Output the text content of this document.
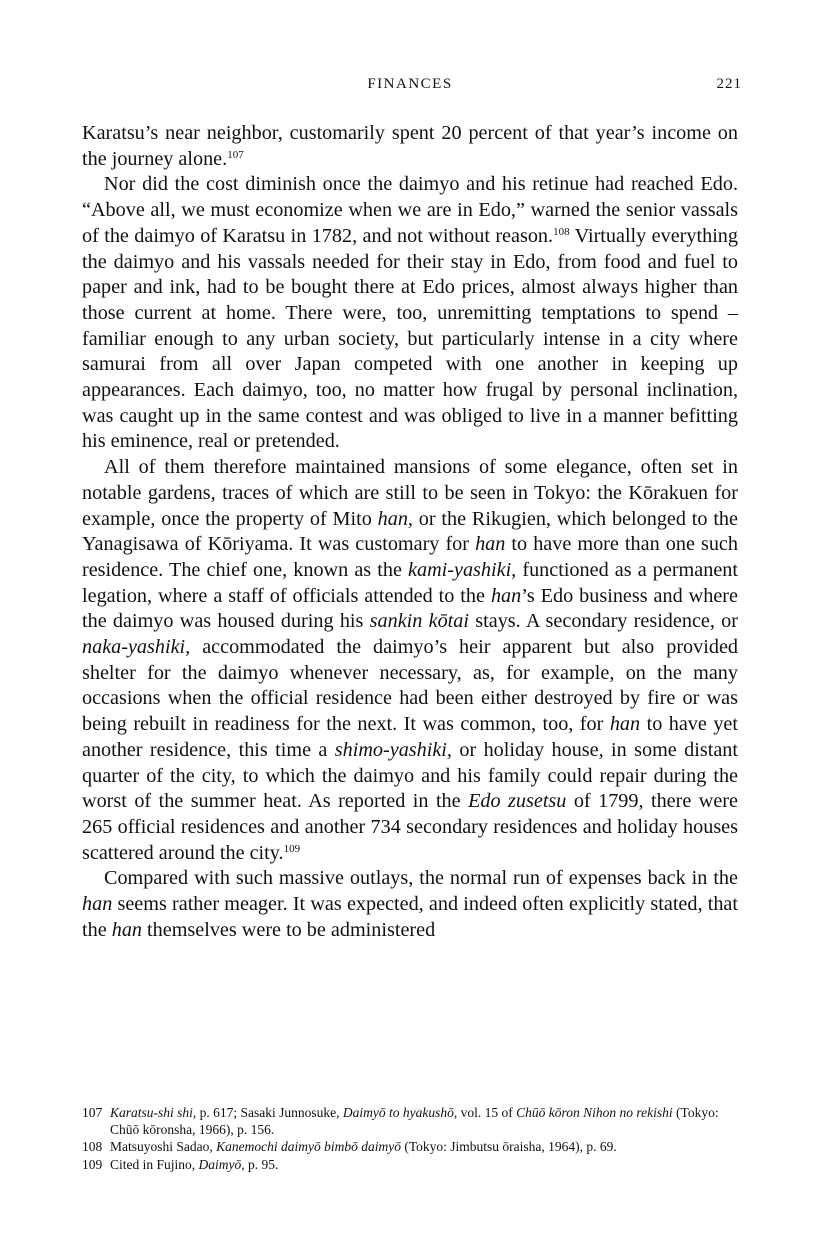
FINANCES	221

Karatsu’s near neighbor, customarily spent 20 percent of that year’s income on the journey alone.$^{107}$

Nor did the cost diminish once the daimyo and his retinue had reached Edo. “Above all, we must economize when we are in Edo,” warned the senior vassals of the daimyo of Karatsu in 1782, and not without reason.$^{108}$ Virtually everything the daimyo and his vassals needed for their stay in Edo, from food and fuel to paper and ink, had to be bought there at Edo prices, almost always higher than those current at home. There were, too, unremitting temptations to spend – familiar enough to any urban society, but particularly intense in a city where samurai from all over Japan competed with one another in keeping up appearances. Each daimyo, too, no matter how frugal by personal inclination, was caught up in the same contest and was obliged to live in a manner befitting his eminence, real or pretended.

All of them therefore maintained mansions of some elegance, often set in notable gardens, traces of which are still to be seen in Tokyo: the Kōrakuen for example, once the property of Mito han, or the Rikugien, which belonged to the Yanagisawa of Kōriyama. It was customary for han to have more than one such residence. The chief one, known as the kami-yashiki, functioned as a permanent legation, where a staff of officials attended to the han’s Edo business and where the daimyo was housed during his sankin kōtai stays. A secondary residence, or naka-yashiki, accommodated the daimyo’s heir apparent but also provided shelter for the daimyo whenever necessary, as, for example, on the many occasions when the official residence had been either destroyed by fire or was being rebuilt in readiness for the next. It was common, too, for han to have yet another residence, this time a shimo-yashiki, or holiday house, in some distant quarter of the city, to which the daimyo and his family could repair during the worst of the summer heat. As reported in the Edo zusetsu of 1799, there were 265 official residences and another 734 secondary residences and holiday houses scattered around the city.$^{109}$

Compared with such massive outlays, the normal run of expenses back in the han seems rather meager. It was expected, and indeed often explicitly stated, that the han themselves were to be administered

107 Karatsu-shi shi, p. 617; Sasaki Junnosuke, Daimyō to hyakushō, vol. 15 of Chūō kōron Nihon no rekishi (Tokyo: Chūō kōronsha, 1966), p. 156.
108 Matsuyoshi Sadao, Kanemochi daimyō bimbō daimyō (Tokyo: Jimbutsu ōraisha, 1964), p. 69.
109 Cited in Fujino, Daimyō, p. 95.
